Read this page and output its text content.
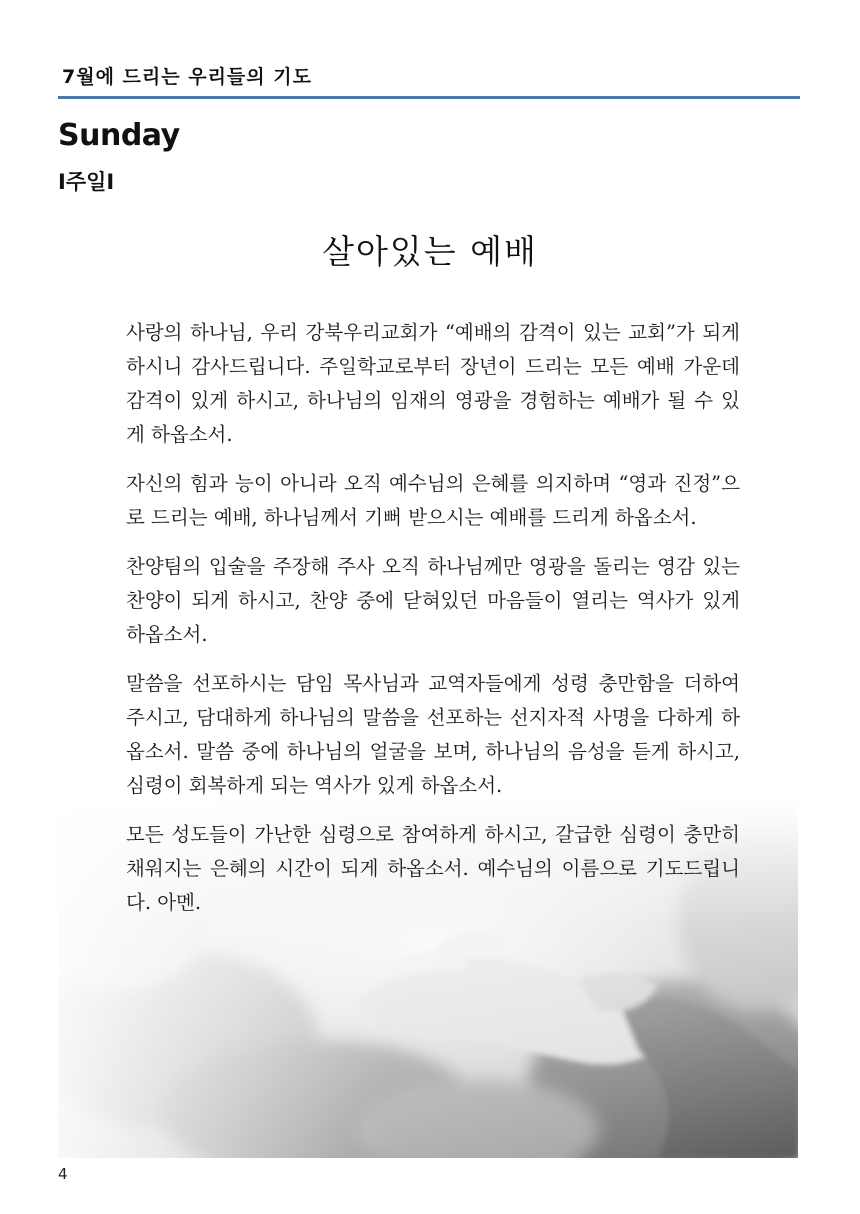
7월에 드리는 우리들의 기도
Sunday
I주일I
살아있는 예배

사랑의 하나님, 우리 강북우리교회가 “예배의 감격이 있는 교회”가 되게 하시니 감사드립니다. 주일학교로부터 장년이 드리는 모든 예배 가운데 감격이 있게 하시고, 하나님의 임재의 영광을 경험하는 예배가 될 수 있게 하옵소서.

자신의 힘과 능이 아니라 오직 예수님의 은혜를 의지하며 “영과 진정”으로 드리는 예배, 하나님께서 기뻐 받으시는 예배를 드리게 하옵소서.

찬양팀의 입술을 주장해 주사 오직 하나님께만 영광을 돌리는 영감 있는 찬양이 되게 하시고, 찬양 중에 닫혀있던 마음들이 열리는 역사가 있게 하옵소서.

말씀을 선포하시는 담임 목사님과 교역자들에게 성령 충만함을 더하여 주시고, 담대하게 하나님의 말씀을 선포하는 선지자적 사명을 다하게 하옵소서. 말씀 중에 하나님의 얼굴을 보며, 하나님의 음성을 듣게 하시고, 심령이 회복하게 되는 역사가 있게 하옵소서.

모든 성도들이 가난한 심령으로 참여하게 하시고, 갈급한 심령이 충만히 채워지는 은혜의 시간이 되게 하옵소서. 예수님의 이름으로 기도드립니다. 아멘.

4
